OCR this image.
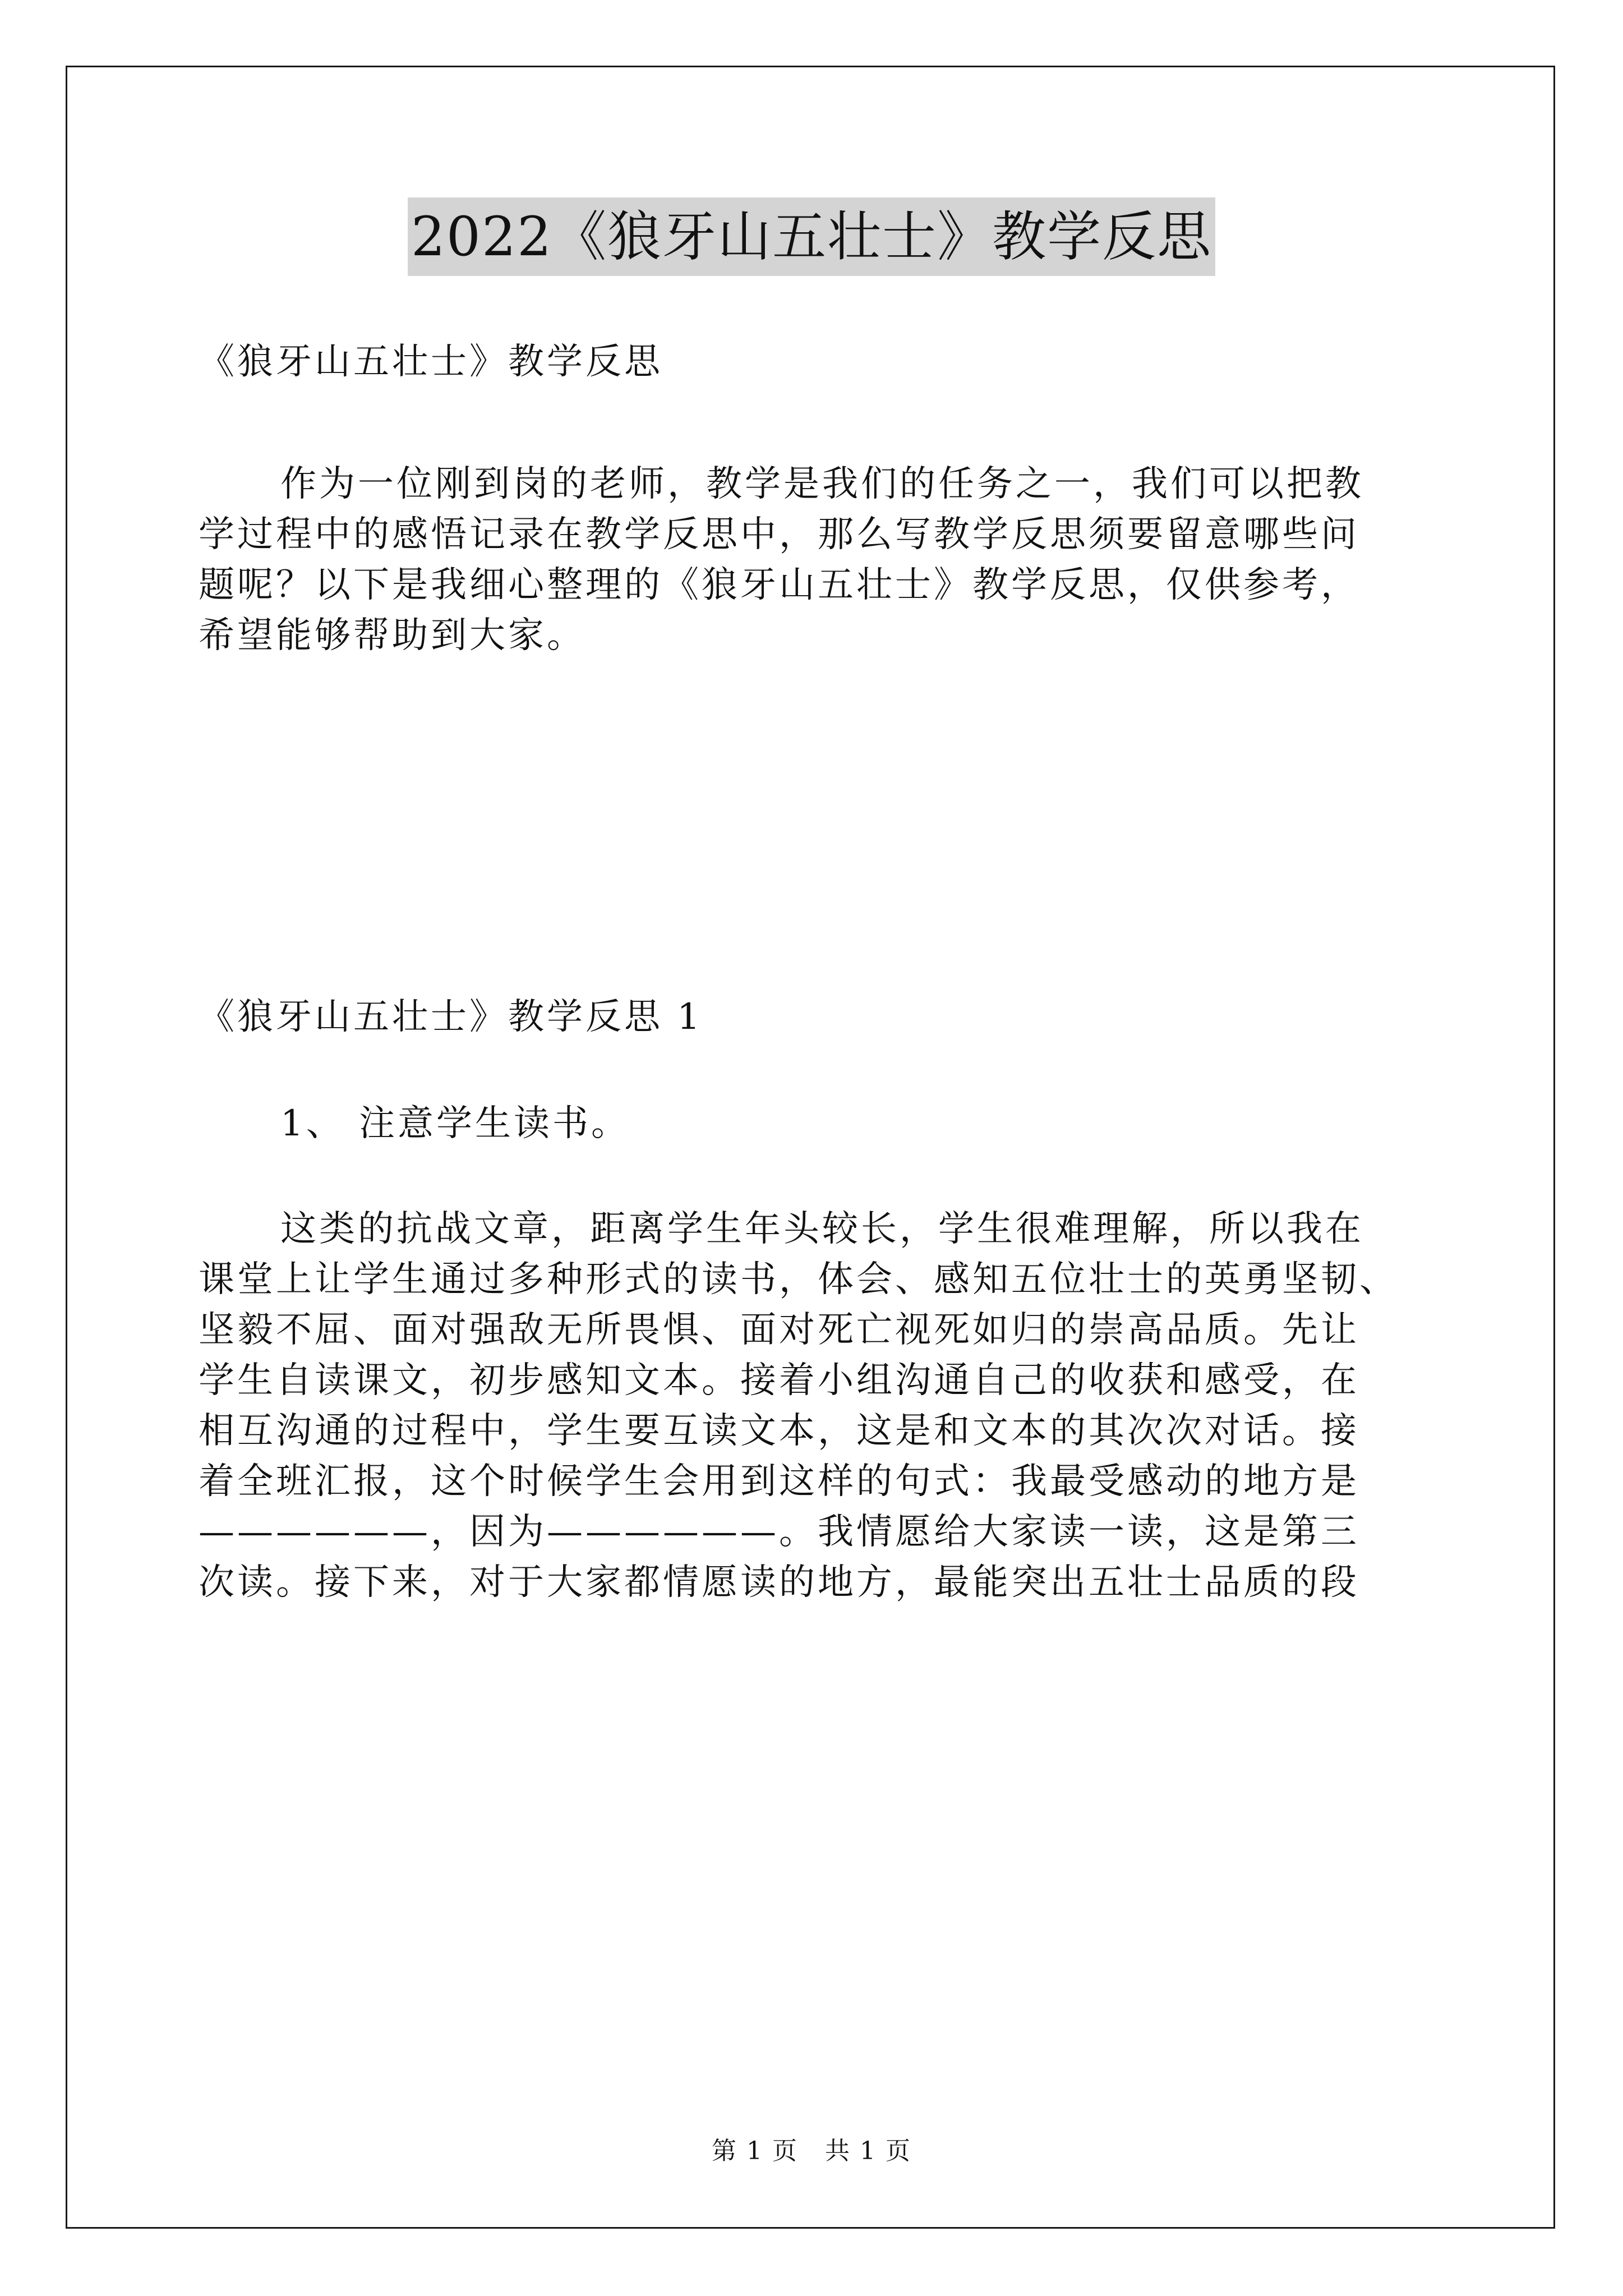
2022《狼牙山五壮士》教学反思
《狼牙山五壮士》教学反思
作为一位刚到岗的老师，教学是我们的任务之一，我们可以把教
学过程中的感悟记录在教学反思中，那么写教学反思须要留意哪些问
题呢？以下是我细心整理的《狼牙山五壮士》教学反思，仅供参考，
希望能够帮助到大家。
《狼牙山五壮士》教学反思 1
1、 注意学生读书。
这类的抗战文章，距离学生年头较长，学生很难理解，所以我在
课堂上让学生通过多种形式的读书，体会、感知五位壮士的英勇坚韧、
坚毅不屈、面对强敌无所畏惧、面对死亡视死如归的崇高品质。先让
学生自读课文，初步感知文本。接着小组沟通自己的收获和感受，在
相互沟通的过程中，学生要互读文本，这是和文本的其次次对话。接
着全班汇报，这个时候学生会用到这样的句式：我最受感动的地方是
——————，因为——————。我情愿给大家读一读，这是第三
次读。接下来，对于大家都情愿读的地方，最能突出五壮士品质的段
第 1 页   共 1 页
